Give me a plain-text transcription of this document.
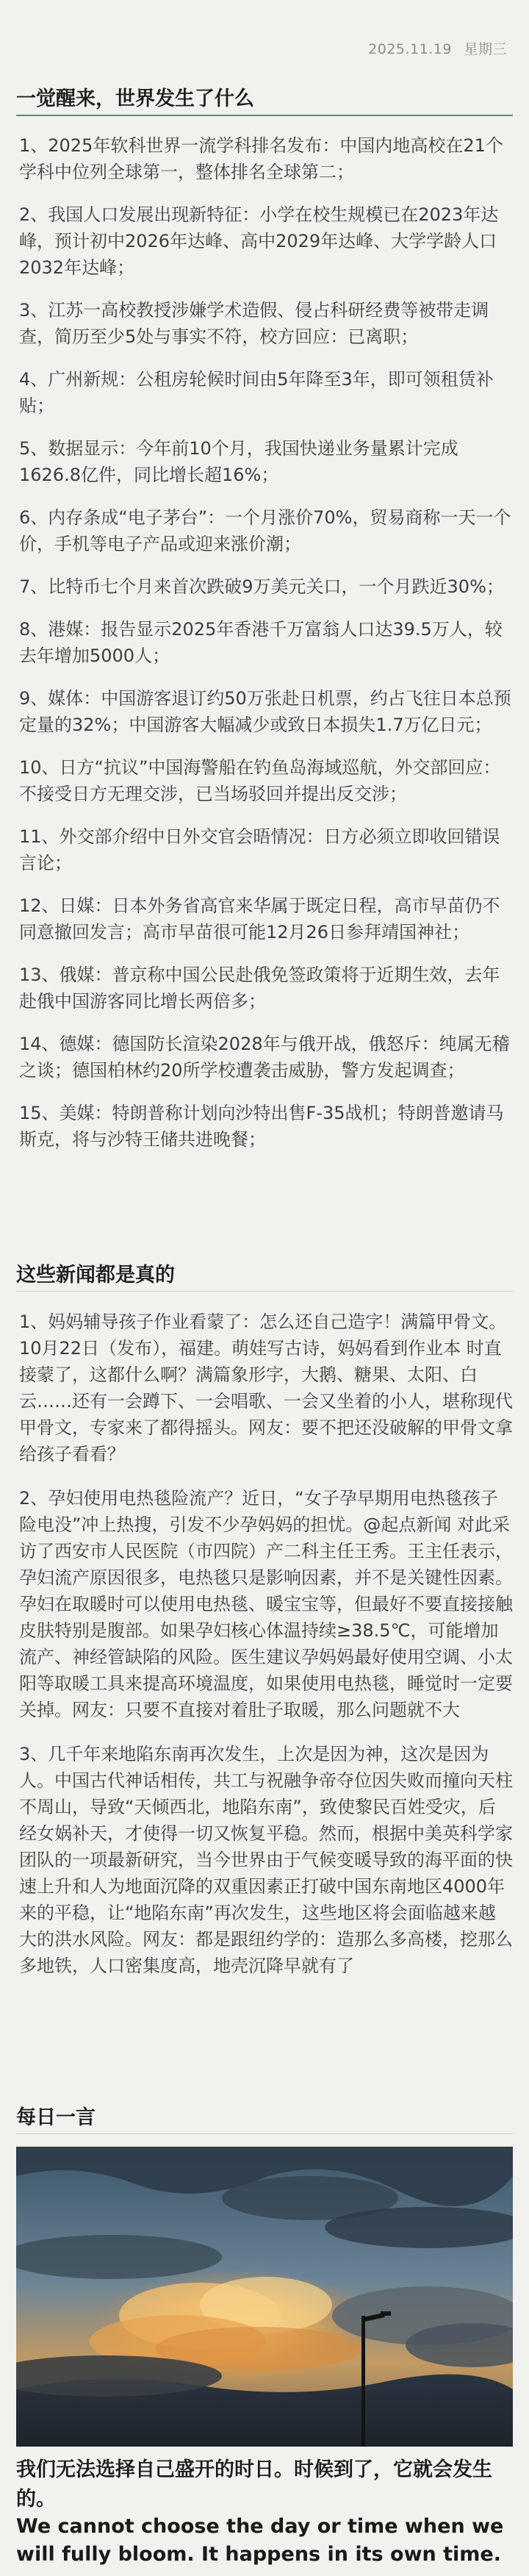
2025.11.19 星期三
一觉醒来，世界发生了什么

1、2025年软科世界一流学科排名发布：中国内地高校在21个学科中位列全球第一，整体排名全球第二；

2、我国人口发展出现新特征：小学在校生规模已在2023年达峰，预计初中2026年达峰、高中2029年达峰、大学学龄人口2032年达峰；

3、江苏一高校教授涉嫌学术造假、侵占科研经费等被带走调查，简历至少5处与事实不符，校方回应：已离职；

4、广州新规：公租房轮候时间由5年降至3年，即可领租赁补贴；

5、数据显示：今年前10个月，我国快递业务量累计完成1626.8亿件，同比增长超16%；

6、内存条成“电子茅台”：一个月涨价70%，贸易商称一天一个价，手机等电子产品或迎来涨价潮；

7、比特币七个月来首次跌破9万美元关口，一个月跌近30%；

8、港媒：报告显示2025年香港千万富翁人口达39.5万人，较去年增加5000人；

9、媒体：中国游客退订约50万张赴日机票，约占飞往日本总预定量的32%；中国游客大幅减少或致日本损失1.7万亿日元；

10、日方“抗议”中国海警船在钓鱼岛海域巡航，外交部回应：不接受日方无理交涉，已当场驳回并提出反交涉；

11、外交部介绍中日外交官会晤情况：日方必须立即收回错误言论；

12、日媒：日本外务省高官来华属于既定日程，高市早苗仍不同意撤回发言；高市早苗很可能12月26日参拜靖国神社；

13、俄媒：普京称中国公民赴俄免签政策将于近期生效，去年赴俄中国游客同比增长两倍多；

14、德媒：德国防长渲染2028年与俄开战，俄怒斥：纯属无稽之谈；德国柏林约20所学校遭袭击威胁，警方发起调查；

15、美媒：特朗普称计划向沙特出售F-35战机；特朗普邀请马斯克，将与沙特王储共进晚餐；

这些新闻都是真的

1、妈妈辅导孩子作业看蒙了：怎么还自己造字！满篇甲骨文。10月22日（发布），福建。萌娃写古诗，妈妈看到作业本 时直接蒙了，这都什么啊？满篇象形字，大鹅、糖果、太阳、白云……还有一会蹲下、一会唱歌、一会又坐着的小人，堪称现代甲骨文，专家来了都得摇头。网友：要不把还没破解的甲骨文拿给孩子看看？

2、孕妇使用电热毯险流产？近日，“女子孕早期用电热毯孩子险电没”冲上热搜，引发不少孕妈妈的担忧。@起点新闻 对此采访了西安市人民医院（市四院）产二科主任王秀。王主任表示，孕妇流产原因很多，电热毯只是影响因素，并不是关键性因素。孕妇在取暖时可以使用电热毯、暖宝宝等，但最好不要直接接触皮肤特别是腹部。如果孕妇核心体温持续≥38.5℃，可能增加流产、神经管缺陷的风险。医生建议孕妈妈最好使用空调、小太阳等取暖工具来提高环境温度，如果使用电热毯，睡觉时一定要关掉。网友：只要不直接对着肚子取暖，那么问题就不大

3、几千年来地陷东南再次发生，上次是因为神，这次是因为人。中国古代神话相传，共工与祝融争帝夺位因失败而撞向天柱不周山，导致“天倾西北，地陷东南”，致使黎民百姓受灾，后经女娲补天，才使得一切又恢复平稳。然而，根据中美英科学家团队的一项最新研究，当今世界由于气候变暖导致的海平面的快速上升和人为地面沉降的双重因素正打破中国东南地区4000年来的平稳，让“地陷东南”再次发生，这些地区将会面临越来越大的洪水风险。网友：都是跟纽约学的：造那么多高楼，挖那么多地铁，人口密集度高，地壳沉降早就有了

每日一言

我们无法选择自己盛开的时日。时候到了，它就会发生的。

We cannot choose the day or time when we will fully bloom. It happens in its own time.
